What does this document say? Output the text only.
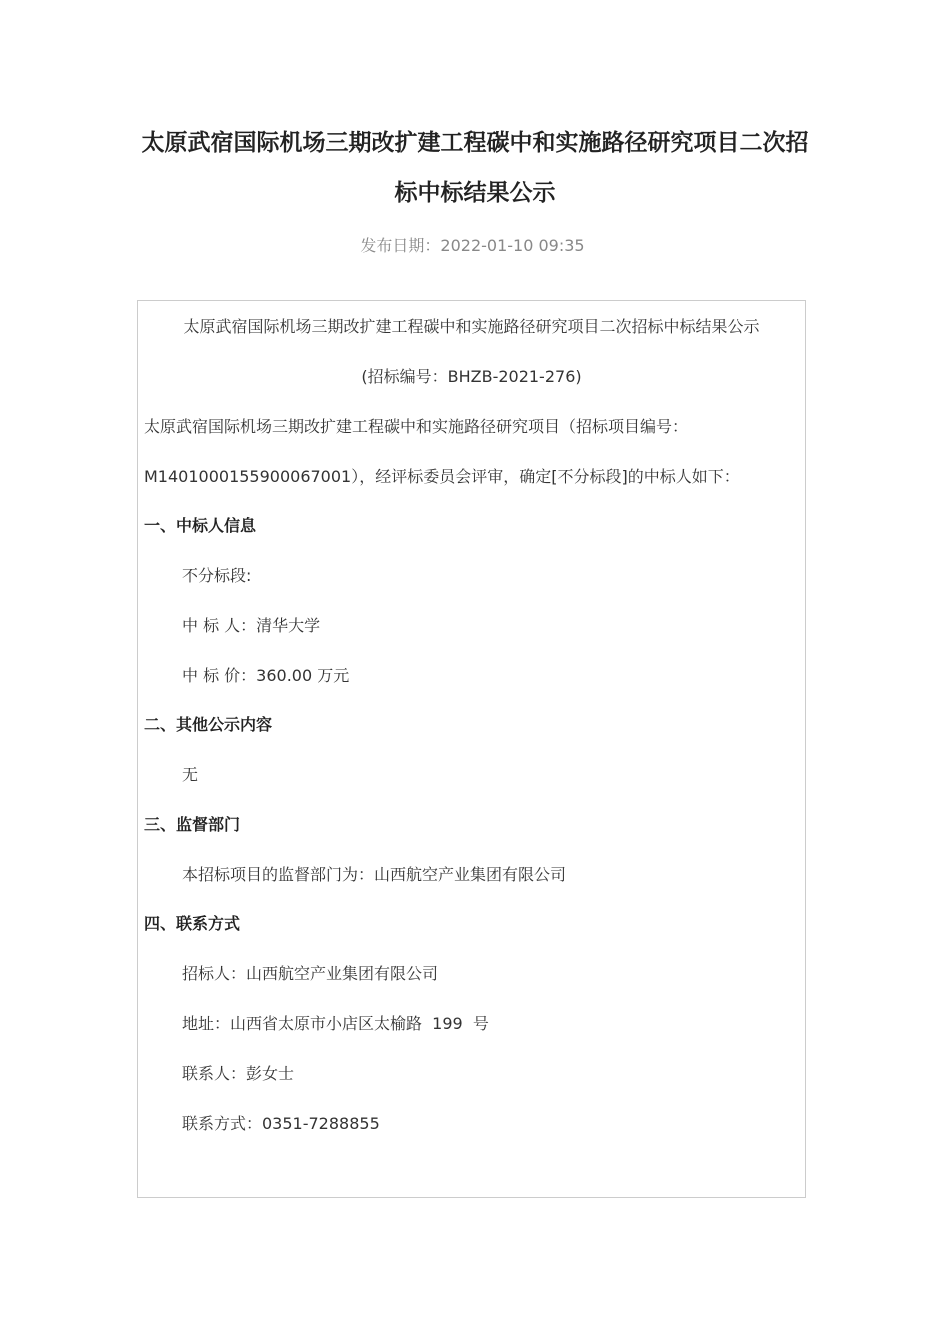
太原武宿国际机场三期改扩建工程碳中和实施路径研究项目二次招标中标结果公示
发布日期：2022-01-10 09:35
太原武宿国际机场三期改扩建工程碳中和实施路径研究项目二次招标中标结果公示
(招标编号：BHZB-2021-276)
太原武宿国际机场三期改扩建工程碳中和实施路径研究项目（招标项目编号：
M1401000155900067001），经评标委员会评审，确定[不分标段]的中标人如下：
一、中标人信息
不分标段:
中 标 人：清华大学
中 标 价：360.00 万元
二、其他公示内容
无
三、监督部门
本招标项目的监督部门为：山西航空产业集团有限公司
四、联系方式
招标人：山西航空产业集团有限公司
地址：山西省太原市小店区太榆路  199  号
联系人：彭女士
联系方式：0351-7288855
